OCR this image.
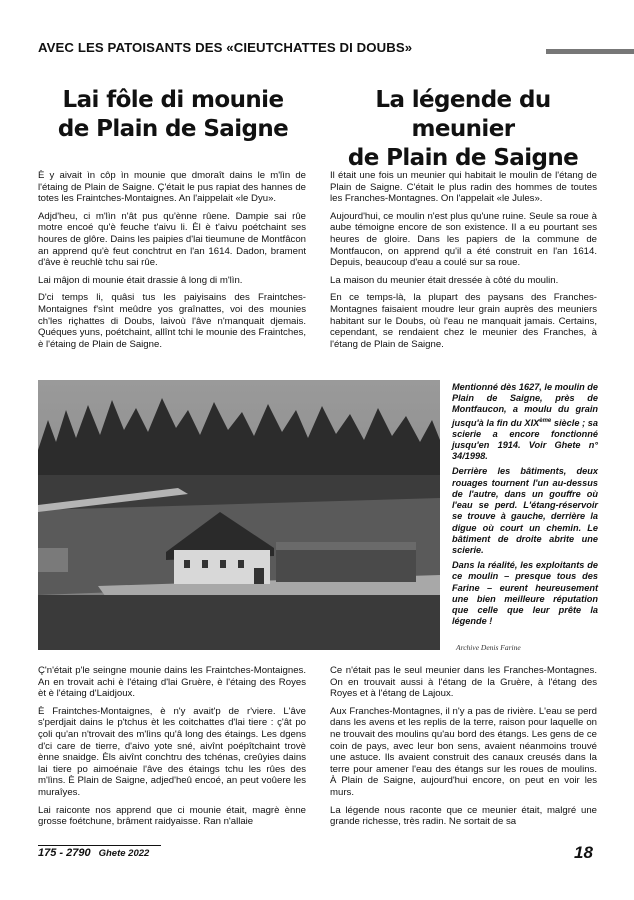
AVEC LES PATOISANTS DES «CIEUTCHATTES DI DOUBS»
Lai fôle di mounie
de Plain de Saigne
La légende du meunier
de Plain de Saigne

È y aivait ìn côp ìn mounie que dmoraît dains le m'lìn de l'étaing de Plain de Saigne. Ç'était le pus rapiat des hannes de totes les Fraintches-Montaignes. An l'aippelait «le Dyu».

Adjd'heu, ci m'lìn n'ât pus qu'ènne rûene. Dampie sai rûe motre encoé qu'è feuche t'aivu li. Èl è t'aivu poétchaint ses houres de glôre. Dains les paipies d'lai tieumune de Montfâcon an apprend qu'è feut conchtrut en l'an 1614. Dadon, brament d'âve è reuchlè tchu sai rûe.

Lai mâjon di mounie était drassie â long di m'lìn.

D'ci temps li, quâsi tus les paiyisains des Fraintches-Montaignes f'sìnt meûdre yos graînattes, voi des mounies ch'les riçhattes di Doubs, laivoù l'âve n'manquait djemais. Quéques yuns, poétchaint, allînt tchi le mounie des Fraintches, è l'étaing de Plain de Saigne.

Il était une fois un meunier qui habitait le moulin de l'étang de Plain de Saigne. C'était le plus radin des hommes de toutes les Franches-Montagnes. On l'appelait «le Jules».

Aujourd'hui, ce moulin n'est plus qu'une ruine. Seule sa roue à aube témoigne encore de son existence. Il a eu pourtant ses heures de gloire. Dans les papiers de la commune de Montfaucon, on apprend qu'il a été construit en l'an 1614. Depuis, beaucoup d'eau a coulé sur sa roue.

La maison du meunier était dressée à côté du moulin.

En ce temps-là, la plupart des paysans des Franches-Montagnes faisaient moudre leur grain auprès des meuniers habitant sur le Doubs, où l'eau ne manquait jamais. Certains, cependant, se rendaient chez le meunier des Franches, à l'étang de Plain de Saigne.

Mentionné dès 1627, le moulin de Plain de Saigne, près de Montfaucon, a moulu du grain jusqu'à la fin du XIXème siècle ; sa scierie a encore fonctionné jusqu'en 1914. Voir Ghete n° 34/1998.

Derrière les bâtiments, deux rouages tournent l'un au-dessus de l'autre, dans un gouffre où l'eau se perd. L'étang-réservoir se trouve à gauche, derrière la digue où court un chemin. Le bâtiment de droite abrite une scierie.

Dans la réalité, les exploitants de ce moulin – presque tous des Farine – eurent heureusement une bien meilleure réputation que celle que leur prête la légende !

Archive Denis Farine

Ç'n'était p'le seingne mounie dains les Fraintches-Montaignes. An en trovait achi è l'étaing d'lai Gruère, è l'étaing des Royes èt è l'étaing d'Laidjoux.

È Fraintches-Montaignes, è n'y avait'p de r'viere. L'âve s'perdjait dains le p'tchus èt les coitchattes d'lai tiere : ç'ât po çoli qu'an n'trovait des m'lìns qu'â long des étaings. Les dgens d'ci care de tierre, d'aivo yote sné, aivînt poépîtchaint trovè ènne snaidge. Èls aivînt conchtru des tchénas, creûyies dains lai tiere po aimoénaie l'âve des étaings tchu les rûes des m'lìns. È Plain de Saigne, adjed'heû encoé, an peut voûere les muraîyes.

Lai raiconte nos apprend que ci mounie était, magrè ènne grosse foétchune, brâment raidyaisse. Ran n'allaie

Ce n'était pas le seul meunier dans les Franches-Montagnes. On en trouvait aussi à l'étang de la Gruère, à l'étang des Royes et à l'étang de Lajoux.

Aux Franches-Montagnes, il n'y a pas de rivière. L'eau se perd dans les avens et les replis de la terre, raison pour laquelle on ne trouvait des moulins qu'au bord des étangs. Les gens de ce coin de pays, avec leur bon sens, avaient néanmoins trouvé une astuce. Ils avaient construit des canaux creusés dans la terre pour amener l'eau des étangs sur les roues de moulins. À Plain de Saigne, aujourd'hui encore, on peut en voir les murs.

La légende nous raconte que ce meunier était, malgré une grande richesse, très radin. Ne sortait de sa

175 - 2790 Ghete 2022	18
